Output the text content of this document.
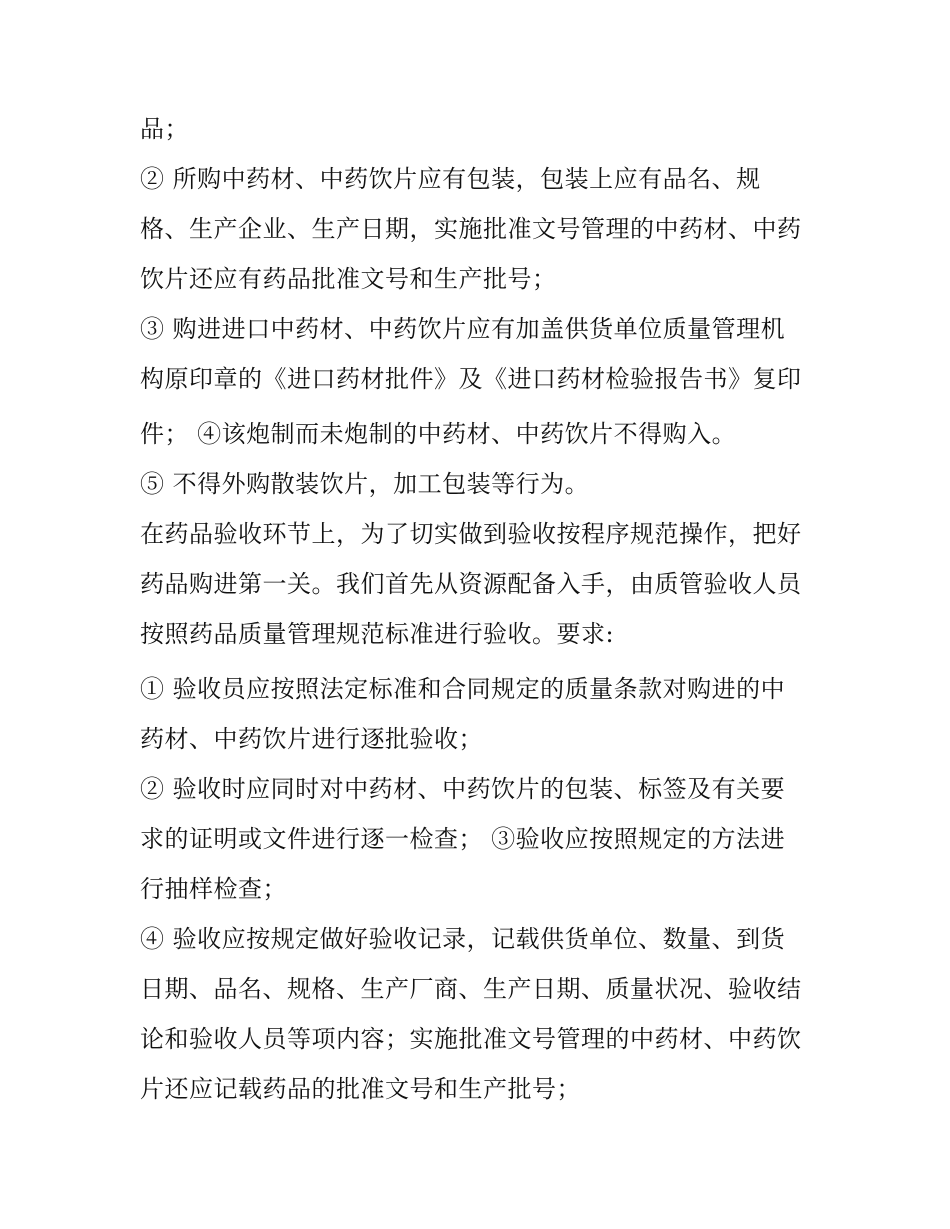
品；
② 所购中药材、中药饮片应有包装，包装上应有品名、规
格、生产企业、生产日期，实施批准文号管理的中药材、中药
饮片还应有药品批准文号和生产批号；
③ 购进进口中药材、中药饮片应有加盖供货单位质量管理机
构原印章的《进口药材批件》及《进口药材检验报告书》复印
件； ④该炮制而未炮制的中药材、中药饮片不得购入。
⑤ 不得外购散装饮片，加工包装等行为。
在药品验收环节上，为了切实做到验收按程序规范操作，把好
药品购进第一关。我们首先从资源配备入手，由质管验收人员
按照药品质量管理规范标准进行验收。要求:
① 验收员应按照法定标准和合同规定的质量条款对购进的中
药材、中药饮片进行逐批验收；
② 验收时应同时对中药材、中药饮片的包装、标签及有关要
求的证明或文件进行逐一检查； ③验收应按照规定的方法进
行抽样检查；
④ 验收应按规定做好验收记录，记载供货单位、数量、到货
日期、品名、规格、生产厂商、生产日期、质量状况、验收结
论和验收人员等项内容；实施批准文号管理的中药材、中药饮
片还应记载药品的批准文号和生产批号；
